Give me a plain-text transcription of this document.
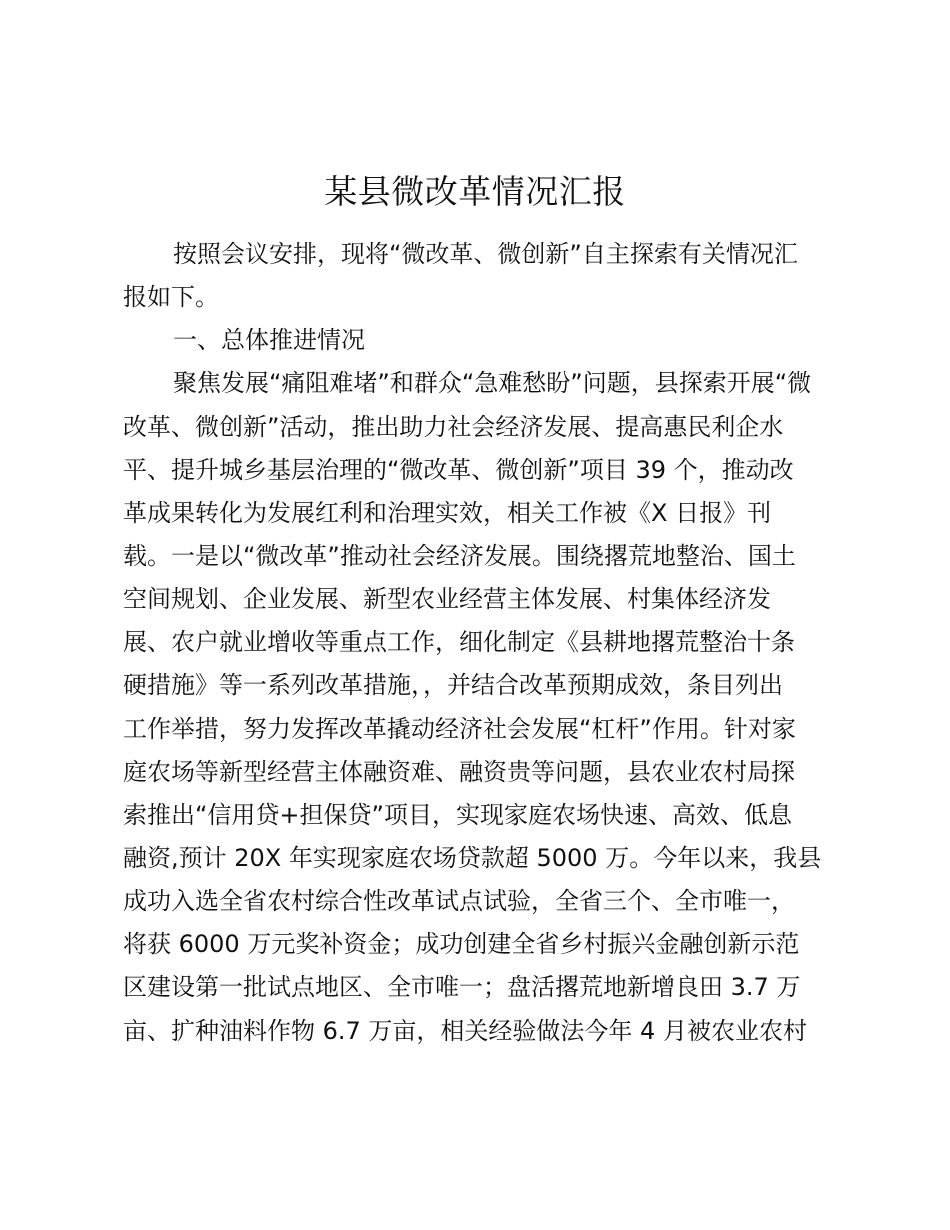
某县微改革情况汇报
按照会议安排，现将“微改革、微创新”自主探索有关情况汇
报如下。
一、总体推进情况
聚焦发展“痛阻难堵”和群众“急难愁盼”问题，县探索开展“微
改革、微创新”活动，推出助力社会经济发展、提高惠民利企水
平、提升城乡基层治理的“微改革、微创新”项目 39 个，推动改
革成果转化为发展红利和治理实效，相关工作被《X 日报》刊
载。一是以“微改革”推动社会经济发展。围绕撂荒地整治、国土
空间规划、企业发展、新型农业经营主体发展、村集体经济发
展、农户就业增收等重点工作，细化制定《县耕地撂荒整治十条
硬措施》等一系列改革措施，，并结合改革预期成效，条目列出
工作举措，努力发挥改革撬动经济社会发展“杠杆”作用。针对家
庭农场等新型经营主体融资难、融资贵等问题，县农业农村局探
索推出“信用贷+担保贷”项目，实现家庭农场快速、高效、低息
融资,预计 20X 年实现家庭农场贷款超 5000 万。今年以来，我县
成功入选全省农村综合性改革试点试验，全省三个、全市唯一，
将获 6000 万元奖补资金；成功创建全省乡村振兴金融创新示范
区建设第一批试点地区、全市唯一；盘活撂荒地新增良田 3.7 万
亩、扩种油料作物 6.7 万亩，相关经验做法今年 4 月被农业农村
